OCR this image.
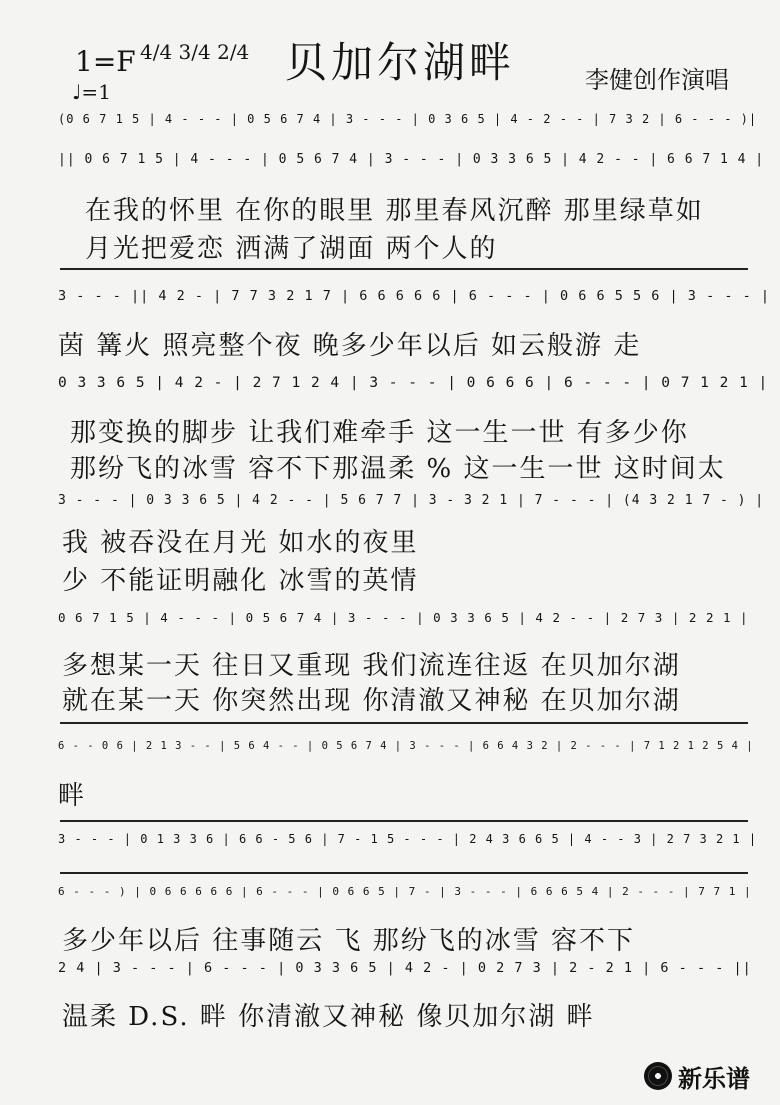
1=F 4/4 3/4 2/4
♩=1
贝加尔湖畔	李健创作演唱
(0 6 7 1 5 | 4 - - - | 0 5 6 7 4 | 3 - - - | 0 3 6 5 | 4 - 2 - - | 7 3 2 | 6 - - - )|
|| 0 6 7 1 5 | 4 - - - | 0 5 6 7 4 | 3 - - - | 0 3 3 6 5 | 4 2 - - | 6 6 7 1 4 |
在我的怀里 在你的眼里 那里春风沉醉 那里绿草如
月光把爱恋 洒满了湖面 两个人的
3 - - - || 4 2 - | 7 7 3 2 1 7 | 6 6 6 6 6 | 6 - - - | 0 6 6 5 5 6 | 3 - - - |
茵 篝火 照亮整个夜 晚多少年以后 如云般游 走
0 3 3 6 5 | 4 2 - | 2 7 1 2 4 | 3 - - - | 0 6 6 6 | 6 - - - | 0 7 1 2 1 |
那变换的脚步 让我们难牵手 这一生一世 有多少你
那纷飞的冰雪 容不下那温柔 % 这一生一世 这时间太
3 - - - | 0 3 3 6 5 | 4 2 - - | 5 6 7 7 | 3 - 3 2 1 | 7 - - - | (4 3 2 1 7 - ) |
我 被吞没在月光 如水的夜里
少 不能证明融化 冰雪的英情
0 6 7 1 5 | 4 - - - | 0 5 6 7 4 | 3 - - - | 0 3 3 6 5 | 4 2 - - | 2 7 3 | 2 2 1 |
多想某一天 往日又重现 我们流连往返 在贝加尔湖
就在某一天 你突然出现 你清澈又神秘 在贝加尔湖
6 - - 0 6 | 2 1 3 - - | 5 6 4 - - | 0 5 6 7 4 | 3 - - - | 6 6 4 3 2 | 2 - - - | 7 1 2 1 2 5 4 |
畔
3 - - - | 0 1 3 3 6 | 6 6 - 5 6 | 7 - 1 5 - - - | 2 4 3 6 6 5 | 4 - - 3 | 2 7 3 2 1 |
6 - - - ) | 0 6 6 6 6 6 | 6 - - - | 0 6 6 5 | 7 - | 3 - - - | 6 6 6 5 4 | 2 - - - | 7 7 1 |
多少年以后 往事随云 飞 那纷飞的冰雪 容不下
2 4 | 3 - - - | 6 - - - | 0 3 3 6 5 | 4 2 - | 0 2 7 3 | 2 - 2 1 | 6 - - - ||
温柔 D.S. 畔 你清澈又神秘 像贝加尔湖 畔
新乐谱
